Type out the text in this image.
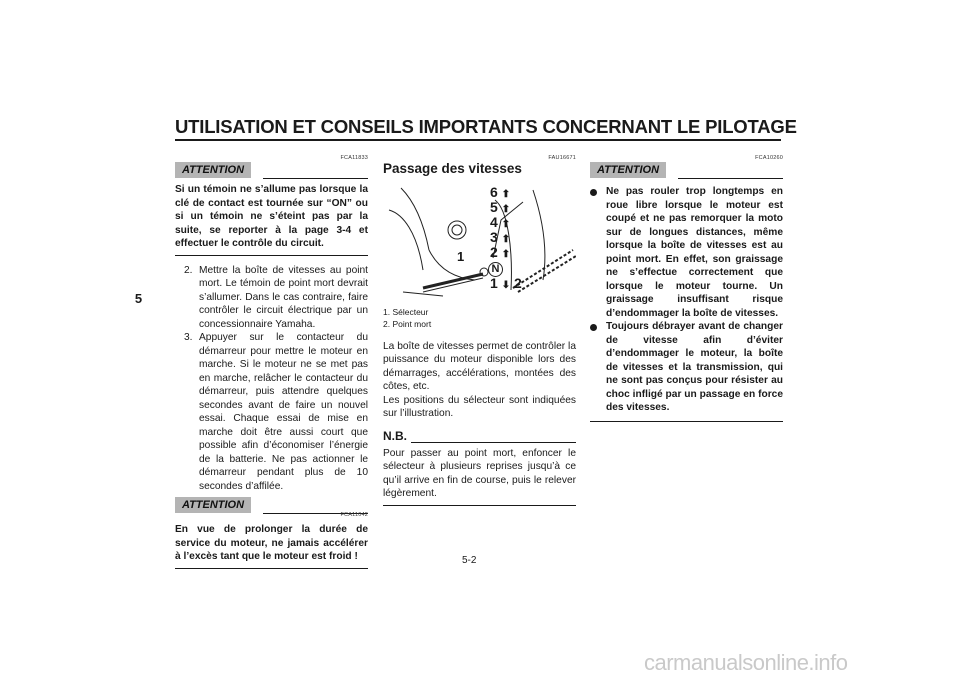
UTILISATION ET CONSEILS IMPORTANTS CONCERNANT LE PILOTAGE
5
ATTENTION
FCA11833
Si un témoin ne s’allume pas lorsque la clé de contact est tournée sur “ON” ou si un témoin ne s’éteint pas par la suite, se reporter à la page 3-4 et effectuer le contrôle du circuit.
2. Mettre la boîte de vitesses au point mort. Le témoin de point mort devrait s’allumer. Dans le cas contraire, faire contrôler le circuit électrique par un concessionnaire Yamaha.
3. Appuyer sur le contacteur du démarreur pour mettre le moteur en marche. Si le moteur ne se met pas en marche, relâcher le contacteur du démarreur, puis attendre quelques secondes avant de faire un nouvel essai. Chaque essai de mise en marche doit être aussi court que possible afin d’économiser l’énergie de la batterie. Ne pas actionner le démarreur pendant plus de 10 secondes d’affilée.
ATTENTION
FCA11042
En vue de prolonger la durée de service du moteur, ne jamais accélérer à l’excès tant que le moteur est froid !
FAU16671
Passage des vitesses
6 ⬆
5 ⬆
4 ⬆
3 ⬆
2 ⬆
N
1 ⬇ 2
1
1. Sélecteur
2. Point mort

La boîte de vitesses permet de contrôler la puissance du moteur disponible lors des démarrages, accélérations, montées des côtes, etc.

Les positions du sélecteur sont indiquées sur l’illustration.

N.B.

Pour passer au point mort, enfoncer le sélecteur à plusieurs reprises jusqu’à ce qu’il arrive en fin de course, puis le relever légèrement.

ATTENTION
FCA10260
Ne pas rouler trop longtemps en roue libre lorsque le moteur est coupé et ne pas remorquer la moto sur de longues distances, même lorsque la boîte de vitesses est au point mort. En effet, son graissage ne s’effectue correctement que lorsque le moteur tourne. Un graissage insuffisant risque d’endommager la boîte de vitesses.
Toujours débrayer avant de changer de vitesse afin d’éviter d’endommager le moteur, la boîte de vitesses et la transmission, qui ne sont pas conçus pour résister au choc infligé par un passage en force des vitesses.
5-2
carmanualsonline.info
